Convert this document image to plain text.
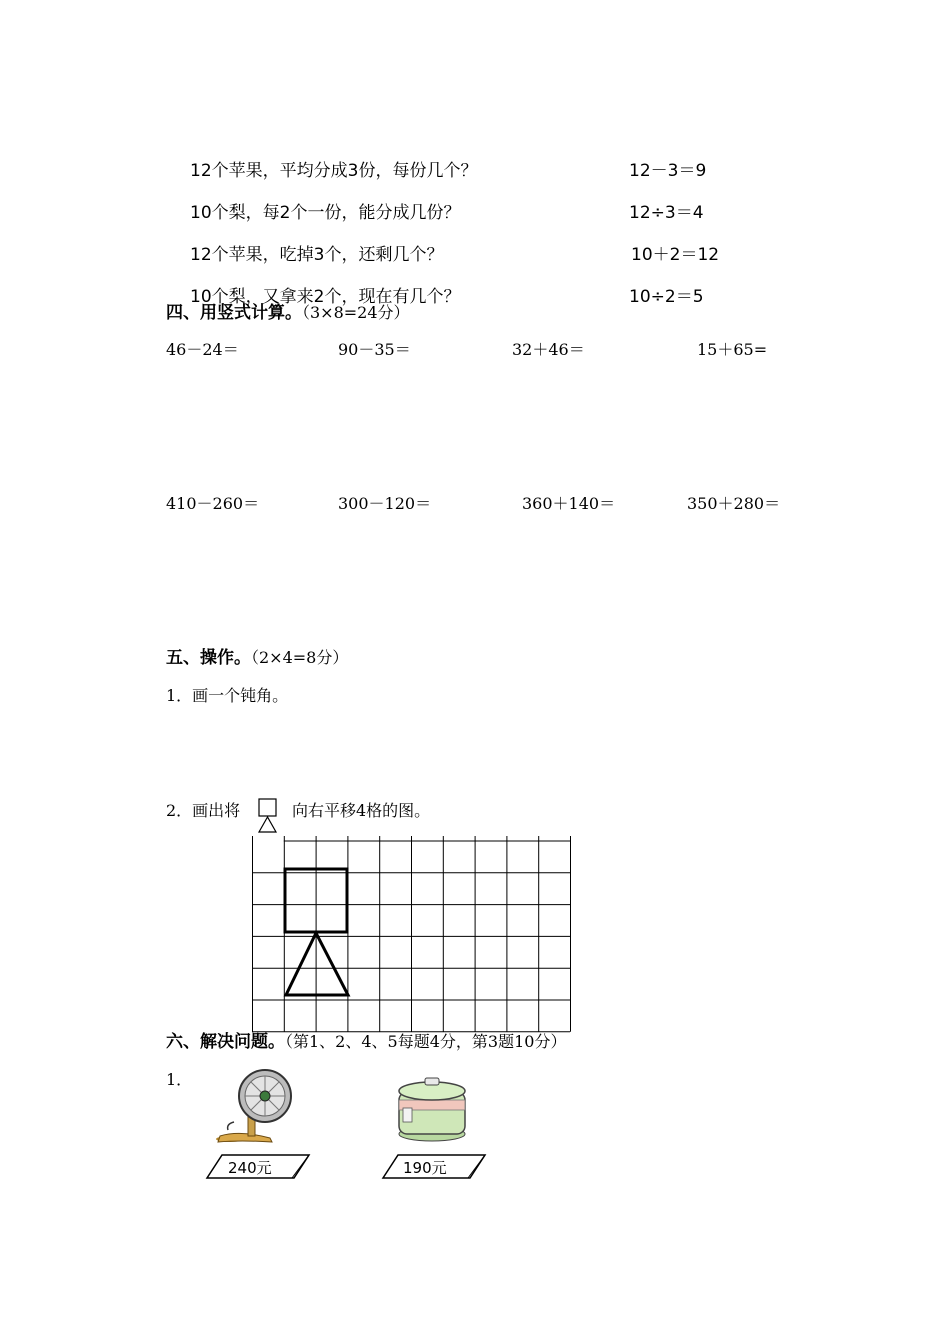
12个苹果，平均分成3份，每份几个？	12－3＝9
10个梨，每2个一份，能分成几份？	12÷3＝4
12个苹果，吃掉3个，还剩几个？	10＋2＝12
10个梨，又拿来2个，现在有几个？	10÷2＝5
四、用竖式计算。（3×8=24分）
46－24＝	90－35＝	32＋46＝	15＋65=
410－260＝	300－120＝	360＋140＝	350＋280＝
五、操作。（2×4=8分）
1．画一个钝角。
2．画出将	向右平移4格的图。
六、解决问题。（第1、2、4、5每题4分，第3题10分）
1．
240元	190元
